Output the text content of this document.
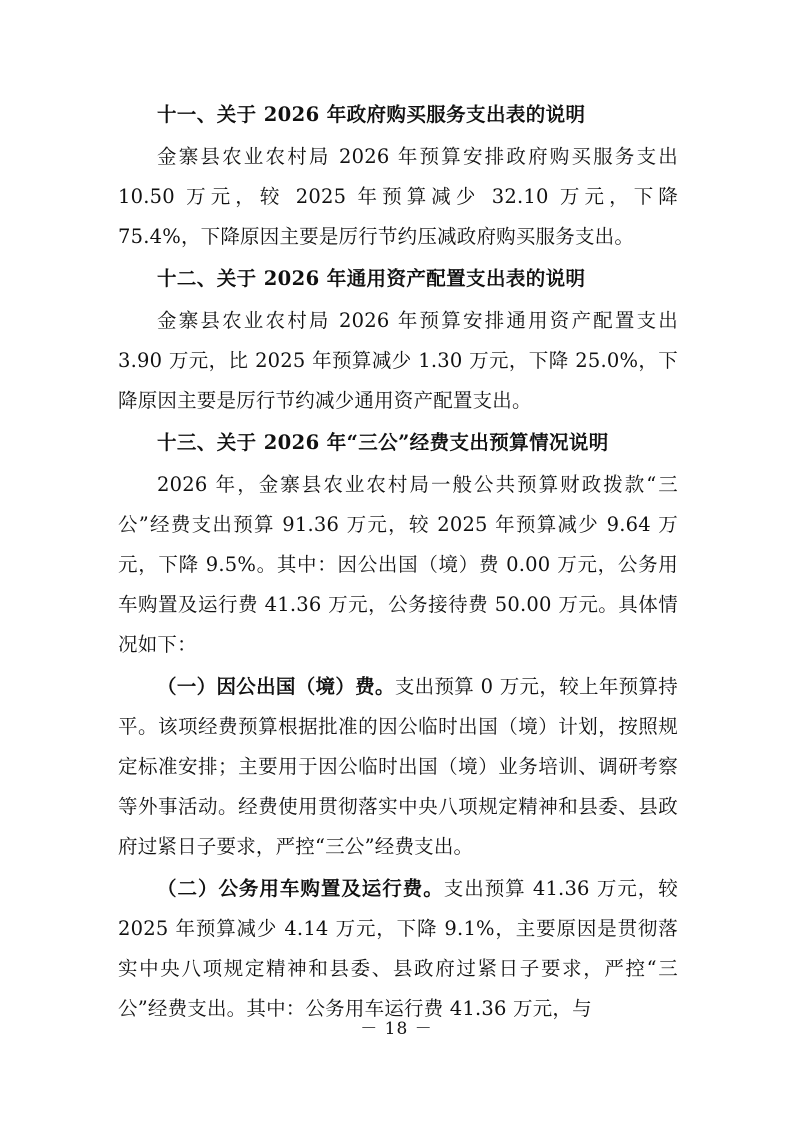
十一、关于 2026 年政府购买服务支出表的说明

金寨县农业农村局 2026 年预算安排政府购买服务支出 10.50 万元，较 2025 年预算减少 32.10 万元，下降 75.4%，下降原因主要是厉行节约压减政府购买服务支出。

十二、关于 2026 年通用资产配置支出表的说明

金寨县农业农村局 2026 年预算安排通用资产配置支出 3.90 万元，比 2025 年预算减少 1.30 万元，下降 25.0%，下降原因主要是厉行节约减少通用资产配置支出。

十三、关于 2026 年“三公”经费支出预算情况说明

2026 年，金寨县农业农村局一般公共预算财政拨款“三公”经费支出预算 91.36 万元，较 2025 年预算减少 9.64 万元，下降 9.5%。其中：因公出国（境）费 0.00 万元，公务用车购置及运行费 41.36 万元，公务接待费 50.00 万元。具体情况如下：

（一）因公出国（境）费。支出预算 0 万元，较上年预算持平。该项经费预算根据批准的因公临时出国（境）计划，按照规定标准安排；主要用于因公临时出国（境）业务培训、调研考察等外事活动。经费使用贯彻落实中央八项规定精神和县委、县政府过紧日子要求，严控“三公”经费支出。

（二）公务用车购置及运行费。支出预算 41.36 万元，较 2025 年预算减少 4.14 万元，下降 9.1%，主要原因是贯彻落实中央八项规定精神和县委、县政府过紧日子要求，严控“三公”经费支出。其中：公务用车运行费 41.36 万元，与

－ 18 －
